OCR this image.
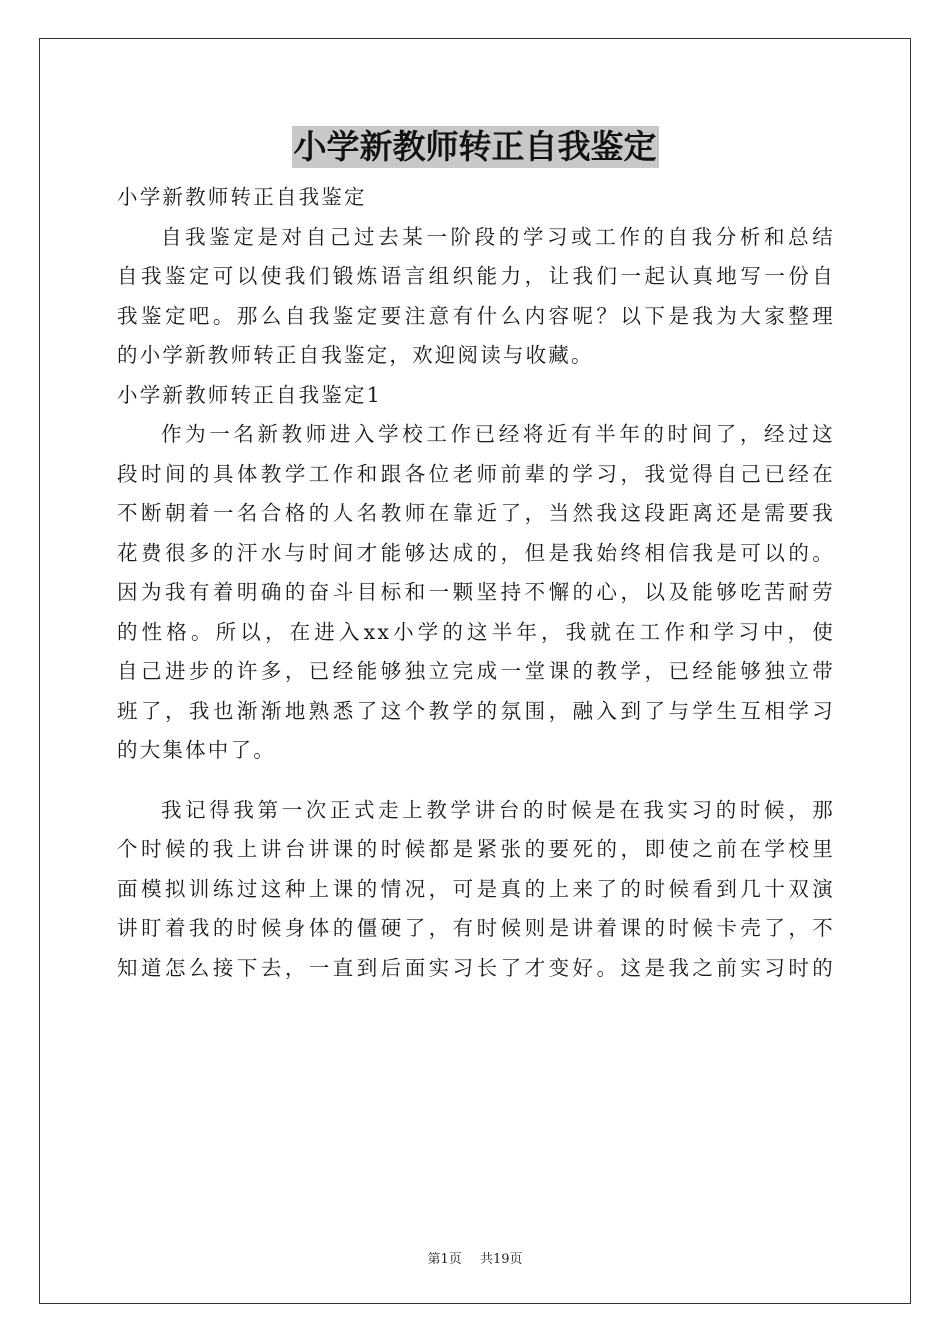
小学新教师转正自我鉴定
小学新教师转正自我鉴定
自我鉴定是对自己过去某一阶段的学习或工作的自我分析和总结
自我鉴定可以使我们锻炼语言组织能力，让我们一起认真地写一份自
我鉴定吧。那么自我鉴定要注意有什么内容呢？以下是我为大家整理
的小学新教师转正自我鉴定，欢迎阅读与收藏。
小学新教师转正自我鉴定1
作为一名新教师进入学校工作已经将近有半年的时间了，经过这
段时间的具体教学工作和跟各位老师前辈的学习，我觉得自己已经在
不断朝着一名合格的人名教师在靠近了，当然我这段距离还是需要我
花费很多的汗水与时间才能够达成的，但是我始终相信我是可以的。
因为我有着明确的奋斗目标和一颗坚持不懈的心，以及能够吃苦耐劳
的性格。所以，在进入xx小学的这半年，我就在工作和学习中，使
自己进步的许多，已经能够独立完成一堂课的教学，已经能够独立带
班了，我也渐渐地熟悉了这个教学的氛围，融入到了与学生互相学习
的大集体中了。
我记得我第一次正式走上教学讲台的时候是在我实习的时候，那
个时候的我上讲台讲课的时候都是紧张的要死的，即使之前在学校里
面模拟训练过这种上课的情况，可是真的上来了的时候看到几十双演
讲盯着我的时候身体的僵硬了，有时候则是讲着课的时候卡壳了，不
知道怎么接下去，一直到后面实习长了才变好。这是我之前实习时的
第1页 共19页
